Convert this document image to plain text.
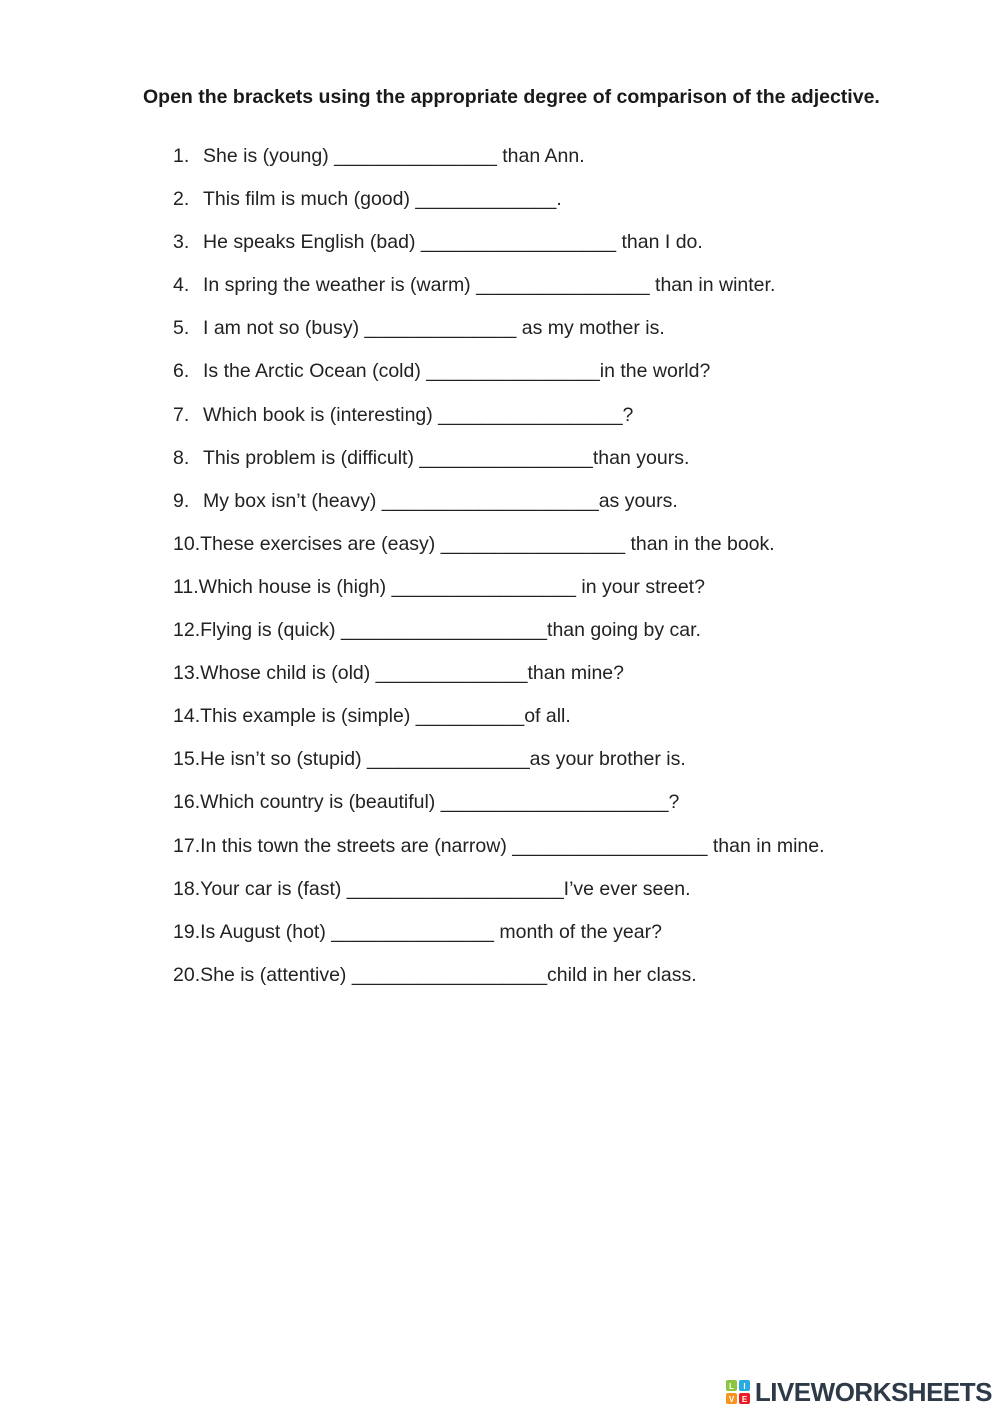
Open the brackets using the appropriate degree of comparison of the adjective.

1. She is (young) _______________ than Ann.
2. This film is much (good) _____________.
3. He speaks English (bad) __________________ than I do.
4. In spring the weather is (warm) ________________ than in winter.
5. I am not so (busy) ______________ as my mother is.
6. Is the Arctic Ocean (cold) ________________in the world?
7. Which book is (interesting) _________________?
8. This problem is (difficult) ________________than yours.
9. My box isn’t (heavy) ____________________as yours.
10. These exercises are (easy) _________________ than in the book.
11. Which house is (high) _________________ in your street?
12. Flying is (quick) ___________________than going by car.
13. Whose child is (old) ______________than mine?
14. This example is (simple) __________of all.
15. He isn’t so (stupid) _______________as your brother is.
16. Which country is (beautiful) _____________________?
17. In this town the streets are (narrow) __________________ than in mine.
18. Your car is (fast) ____________________I’ve ever seen.
19. Is August (hot) _______________ month of the year?
20. She is (attentive) __________________child in her class.
L I
V E LIVEWORKSHEETS
